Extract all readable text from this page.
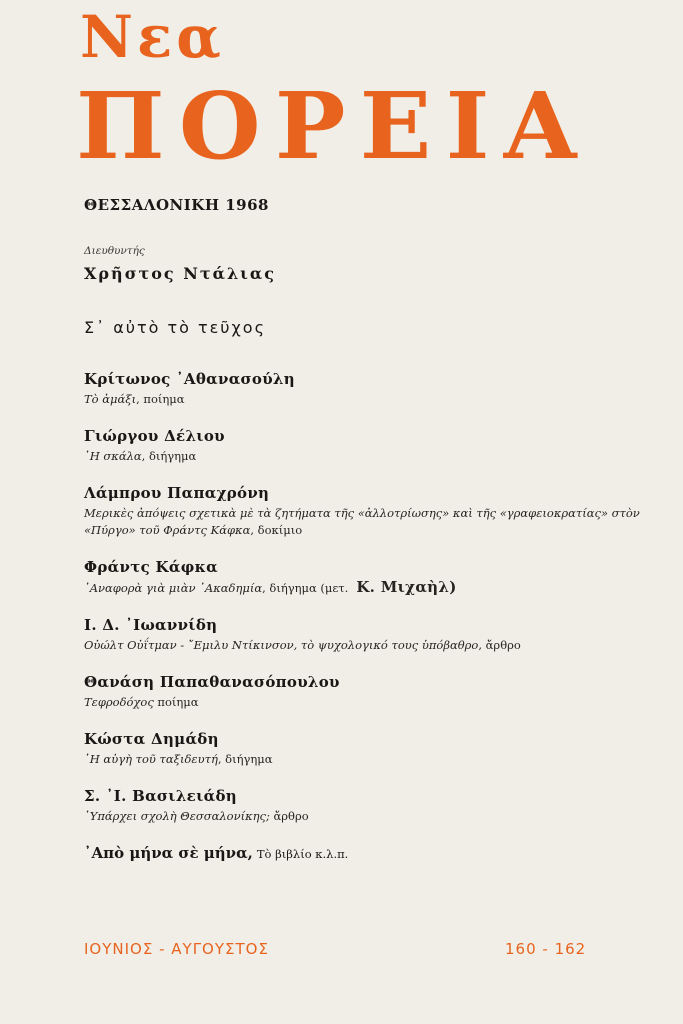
Νεα
ΠΟΡΕΙΑ
ΘΕΣΣΑΛΟΝΙΚΗ 1968
Διευθυντής
Χρῆστος Ντάλιας
Σ᾽ αὐτὸ τὸ τεῦχος
Κρίτωνος ᾽Αθανασούλη
Τὸ ἁμάξι, ποίημα
Γιώργου Δέλιου
῾Η σκάλα, διήγημα
Λάμπρου Παπαχρόνη
Μερικὲς ἀπόψεις σχετικὰ μὲ τὰ ζητήματα τῆς «ἀλλοτρίωσης» καὶ τῆς «γραφειοκρατίας» στὸν «Πύργο» τοῦ Φράντς Κάφκα, δοκίμιο
Φράντς Κάφκα
᾽Αναφορὰ γιὰ μιὰν ᾽Ακαδημία, διήγημα (μετ. Κ. Μιχαὴλ)
Ι. Δ. ᾽Ιωαννίδη
Οὐώλτ Οὐΐτμαν - ῎Εμιλυ Ντίκινσον, τὸ ψυχολογικό τους ὑπόβαθρο, ἄρθρο
Θανάση Παπαθανασόπουλου
Τεφροδόχος ποίημα
Κώστα Δημάδη
῾Η αὐγὴ τοῦ ταξιδευτή, διήγημα
Σ. ᾽Ι. Βασιλειάδη
῾Υπάρχει σχολὴ Θεσσαλονίκης; ἄρθρο
᾽Απὸ μήνα σὲ μήνα, Τὸ βιβλίο κ.λ.π.
ΙΟΥΝΙΟΣ - ΑΥΓΟΥΣΤΟΣ	160 - 162
